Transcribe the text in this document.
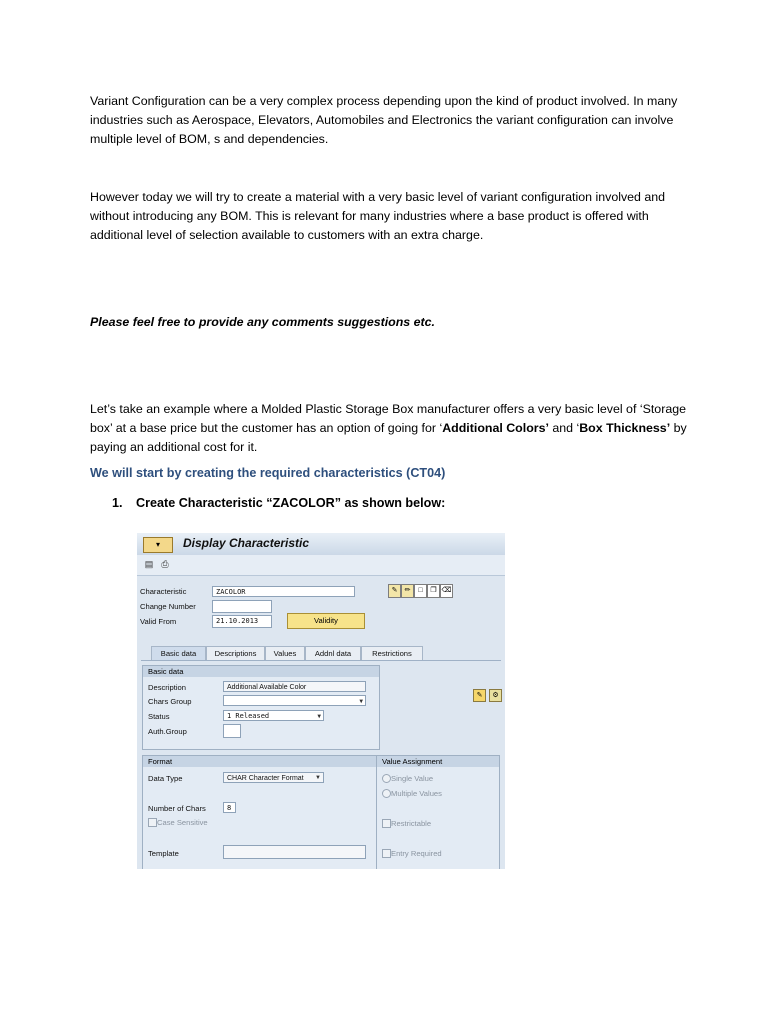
Variant Configuration can be a very complex process depending upon the kind of product involved. In many industries such as Aerospace, Elevators, Automobiles and Electronics the variant configuration can involve multiple level of BOM, s and dependencies.

However today we will try to create a material with a very basic level of variant configuration involved and without introducing any BOM. This is relevant for many industries where a base product is offered with additional level of selection available to customers with an extra charge.

Please feel free to provide any comments suggestions etc.

Let’s take an example where a Molded Plastic Storage Box manufacturer offers a very basic level of ‘Storage box’ at a base price but the customer has an option of going for ‘Additional Colors’ and ‘Box Thickness’ by paying an additional cost for it.

We will start by creating the required characteristics (CT04)

1. Create Characteristic “ZACOLOR” as shown below:

▾	Display Characteristic
▤ ⎙
Characteristic	ZACOLOR
Change Number
Valid From	21.10.2013	Validity
✎	✏	□	❐ ⌫
Basic data	Descriptions	Values	Addnl data	Restrictions
Basic data
Description	Additional Available Color
Chars Group	▼
Status	1 Released	▼
Auth.Group
✎	⚙
Format
Data Type	CHAR Character Format ▼
Number of Chars	8
Case Sensitive
Template
Value Assignment
Single Value
Multiple Values
Restrictable
Entry Required
